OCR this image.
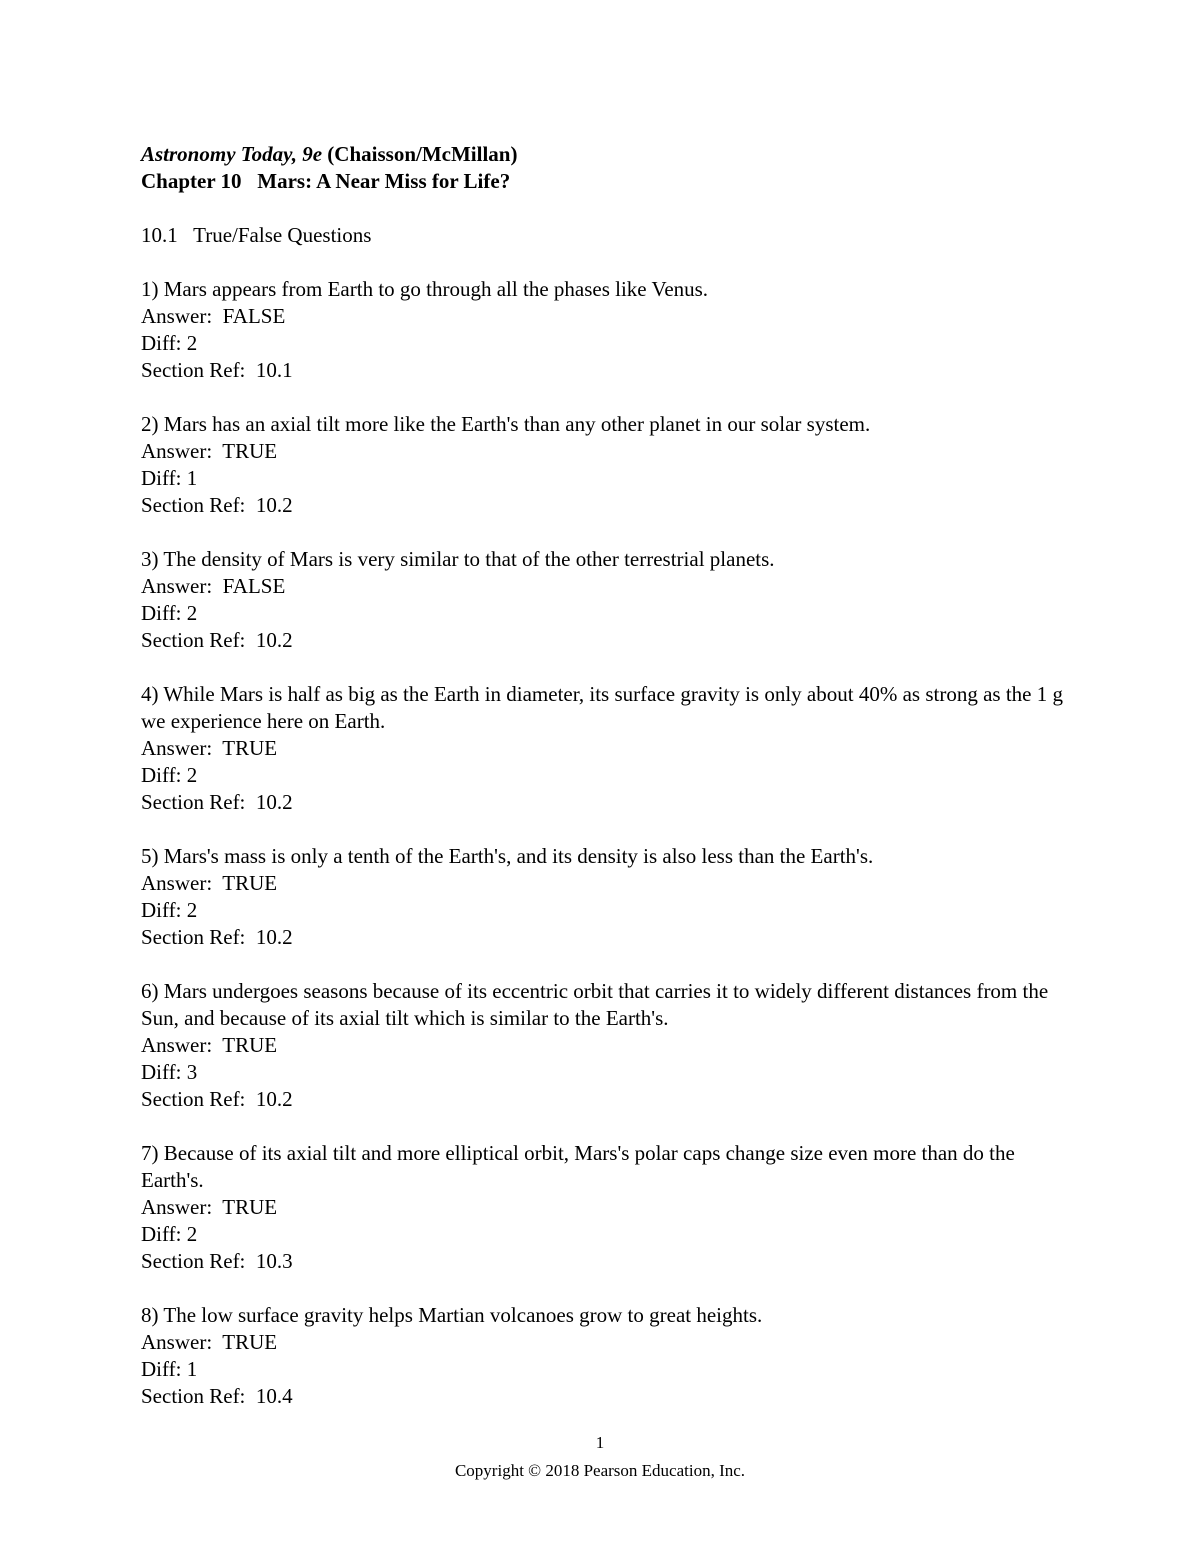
Astronomy Today, 9e (Chaisson/McMillan)
Chapter 10   Mars: A Near Miss for Life?
10.1   True/False Questions

1) Mars appears from Earth to go through all the phases like Venus.

Answer:  FALSE

Diff: 2

Section Ref:  10.1

2) Mars has an axial tilt more like the Earth's than any other planet in our solar system.

Answer:  TRUE

Diff: 1

Section Ref:  10.2

3) The density of Mars is very similar to that of the other terrestrial planets.

Answer:  FALSE

Diff: 2

Section Ref:  10.2

4) While Mars is half as big as the Earth in diameter, its surface gravity is only about 40% as strong as the 1 g we experience here on Earth.

Answer:  TRUE

Diff: 2

Section Ref:  10.2

5) Mars's mass is only a tenth of the Earth's, and its density is also less than the Earth's.

Answer:  TRUE

Diff: 2

Section Ref:  10.2

6) Mars undergoes seasons because of its eccentric orbit that carries it to widely different distances from the Sun, and because of its axial tilt which is similar to the Earth's.

Answer:  TRUE

Diff: 3

Section Ref:  10.2

7) Because of its axial tilt and more elliptical orbit, Mars's polar caps change size even more than do the Earth's.

Answer:  TRUE

Diff: 2

Section Ref:  10.3

8) The low surface gravity helps Martian volcanoes grow to great heights.

Answer:  TRUE

Diff: 1

Section Ref:  10.4

1
Copyright © 2018 Pearson Education, Inc.
